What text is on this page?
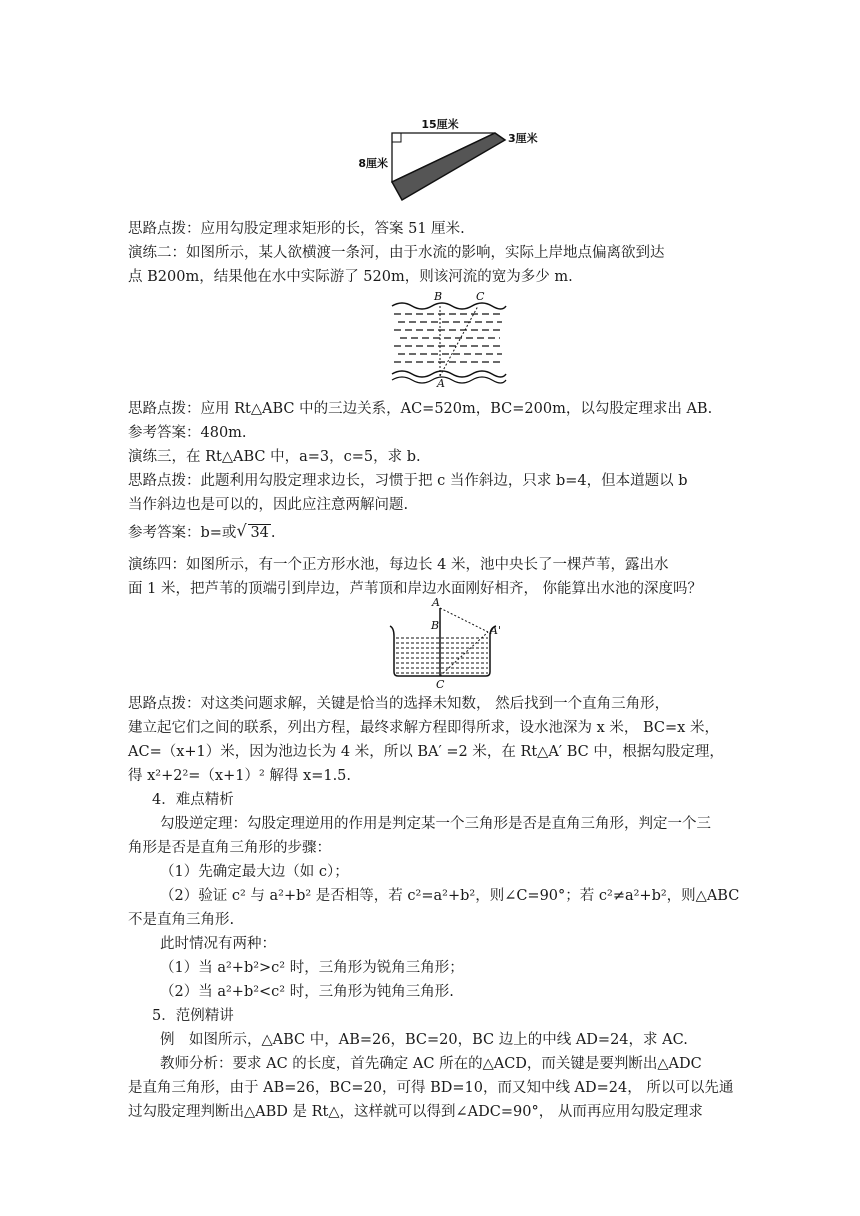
15厘米
8厘米
3厘米
思路点拨：应用勾股定理求矩形的长，答案 51 厘米.
演练二：如图所示，某人欲横渡一条河，由于水流的影响，实际上岸地点偏离欲到达
点 B200m，结果他在水中实际游了 520m，则该河流的宽为多少 m.
B	C
A
思路点拨：应用 Rt△ABC 中的三边关系，AC=520m，BC=200m，以勾股定理求出 AB.
参考答案：480m.
演练三，在 Rt△ABC 中，a=3，c=5，求 b.
思路点拨：此题利用勾股定理求边长，习惯于把 c 当作斜边，只求 b=4，但本道题以 b
当作斜边也是可以的，因此应注意两解问题.
参考答案：b=或 √ 34 .
演练四：如图所示，有一个正方形水池，每边长 4 米，池中央长了一棵芦苇，露出水
面 1 米，把芦苇的顶端引到岸边，芦苇顶和岸边水面刚好相齐， 你能算出水池的深度吗？
A
B	A'
C
思路点拨：对这类问题求解，关键是恰当的选择未知数， 然后找到一个直角三角形，
建立起它们之间的联系，列出方程，最终求解方程即得所求，设水池深为 x 米， BC=x 米，
AC=（x+1）米，因为池边长为 4 米，所以 BA′ =2 米，在 Rt△A′ BC 中，根据勾股定理，
得 x²+2²=（x+1）² 解得 x=1.5.
4．难点精析
勾股逆定理：勾股定理逆用的作用是判定某一个三角形是否是直角三角形，判定一个三
角形是否是直角三角形的步骤：
（1）先确定最大边（如 c）；
（2）验证 c² 与 a²+b² 是否相等，若 c²=a²+b²，则∠C=90°；若 c²≠a²+b²，则△ABC
不是直角三角形.
此时情况有两种：
（1）当 a²+b²>c² 时，三角形为锐角三角形；
（2）当 a²+b²<c² 时，三角形为钝角三角形.
5．范例精讲
例　如图所示，△ABC 中，AB=26，BC=20，BC 边上的中线 AD=24，求 AC.
教师分析：要求 AC 的长度，首先确定 AC 所在的△ACD，而关键是要判断出△ADC
是直角三角形，由于 AB=26，BC=20，可得 BD=10，而又知中线 AD=24， 所以可以先通
过勾股定理判断出△ABD 是 Rt△，这样就可以得到∠ADC=90°， 从而再应用勾股定理求
